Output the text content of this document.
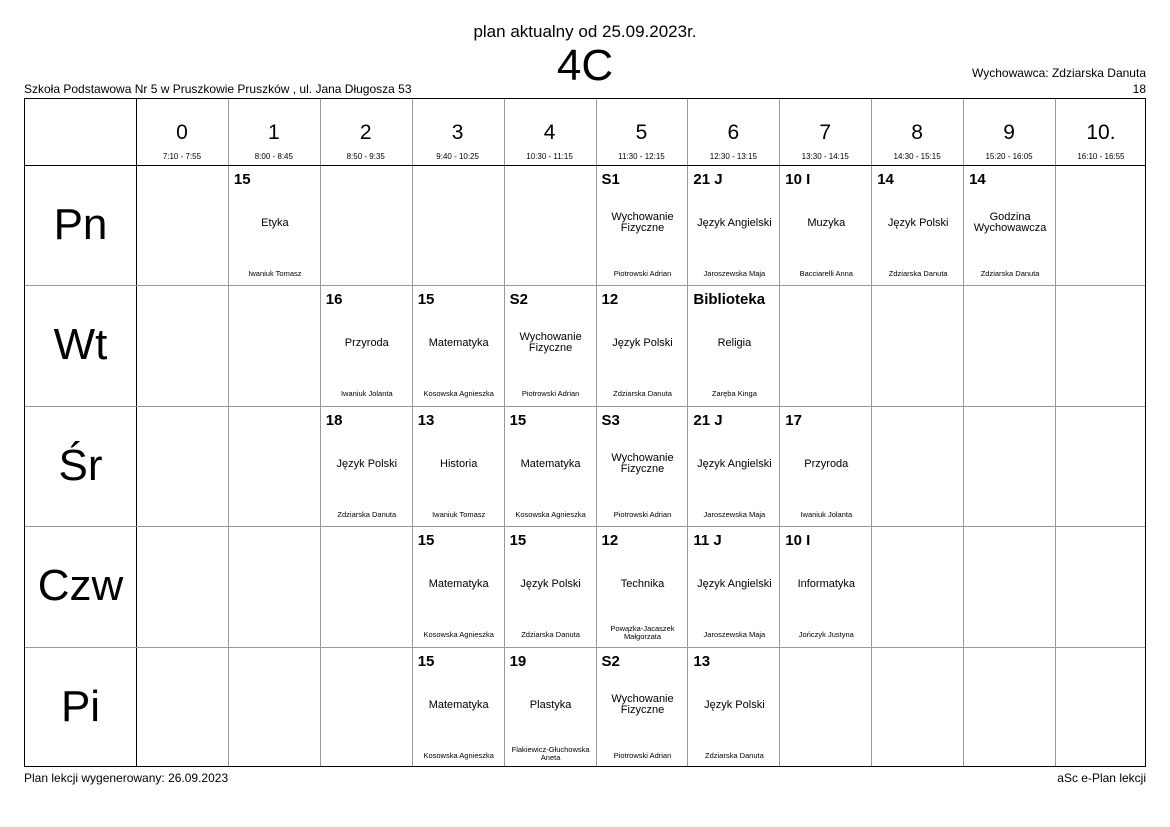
plan aktualny od 25.09.2023r.
4C
Szkoła Podstawowa Nr 5 w Pruszkowie Pruszków , ul. Jana Długosza 53
Wychowawca: Zdziarska Danuta
18
0
7:10 - 7:55
1
8:00 - 8:45
2
8:50 - 9:35
3
9:40 - 10:25
4
10:30 - 11:15
5
11:30 - 12:15
6
12:30 - 13:15
7
13:30 - 14:15
8
14:30 - 15:15
9
15:20 - 16:05
10.
16:10 - 16:55
Pn
15
Etyka
Iwaniuk Tomasz
S1
Wychowanie Fizyczne
Piotrowski Adrian
21 J
Język Angielski
Jaroszewska Maja
10 I
Muzyka
Bacciarelli Anna
14
Język Polski
Zdziarska Danuta
14
Godzina Wychowawcza
Zdziarska Danuta
Wt
16
Przyroda
Iwaniuk Jolanta
15
Matematyka
Kosowska Agnieszka
S2
Wychowanie Fizyczne
Piotrowski Adrian
12
Język Polski
Zdziarska Danuta
Biblioteka
Religia
Zaręba Kinga
Śr
18
Język Polski
Zdziarska Danuta
13
Historia
Iwaniuk Tomasz
15
Matematyka
Kosowska Agnieszka
S3
Wychowanie Fizyczne
Piotrowski Adrian
21 J
Język Angielski
Jaroszewska Maja
17
Przyroda
Iwaniuk Jolanta
Czw
15
Matematyka
Kosowska Agnieszka
15
Język Polski
Zdziarska Danuta
12
Technika
Powązka-Jacaszek Małgorzata
11 J
Język Angielski
Jaroszewska Maja
10 I
Informatyka
Jończyk Justyna
Pi
15
Matematyka
Kosowska Agnieszka
19
Plastyka
Flakiewicz-Głuchowska Aneta
S2
Wychowanie Fizyczne
Piotrowski Adrian
13
Język Polski
Zdziarska Danuta
Plan lekcji wygenerowany: 26.09.2023	aSc e-Plan lekcji
